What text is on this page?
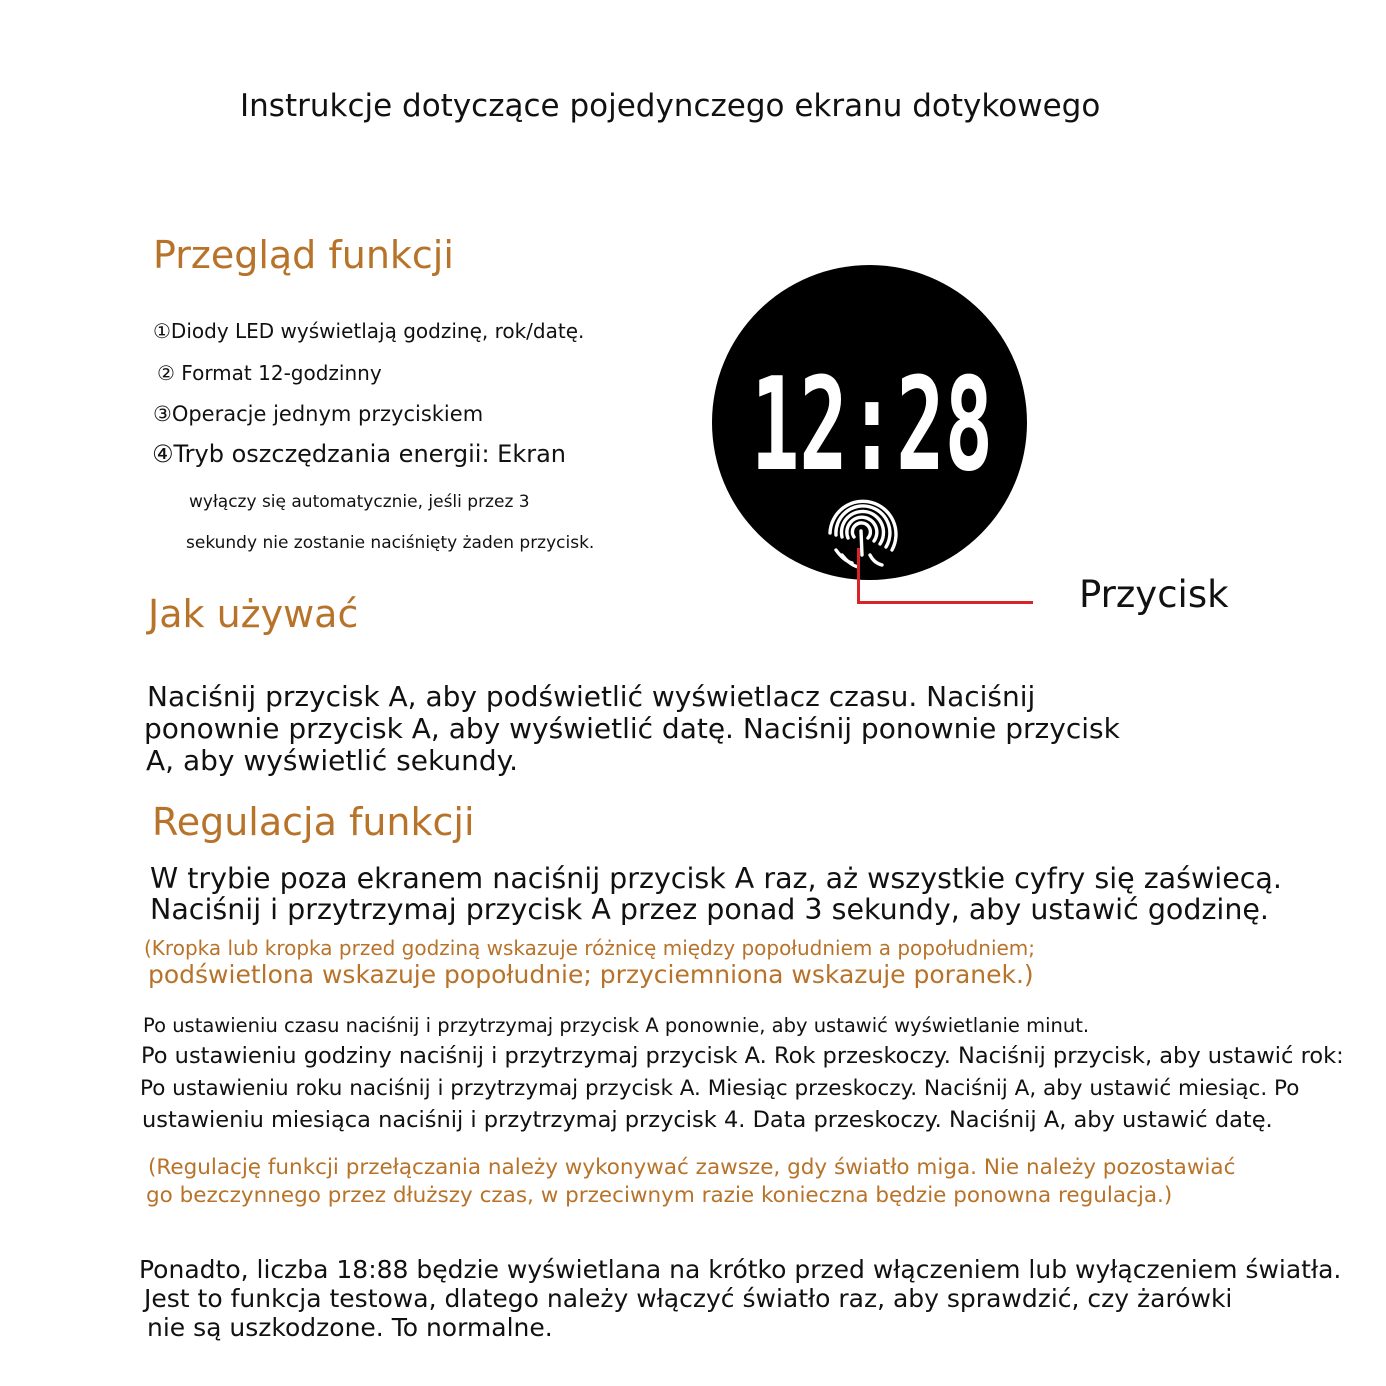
Instrukcje dotyczące pojedynczego ekranu dotykowego
Przegląd funkcji
①Diody LED wyświetlają godzinę, rok/datę.
② Format 12-godzinny
③Operacje jednym przyciskiem
④Tryb oszczędzania energii: Ekran
wyłączy się automatycznie, jeśli przez 3
sekundy nie zostanie naciśnięty żaden przycisk.
12:28
Przycisk
Jak używać
Naciśnij przycisk A, aby podświetlić wyświetlacz czasu. Naciśnij
ponownie przycisk A, aby wyświetlić datę. Naciśnij ponownie przycisk
A, aby wyświetlić sekundy.
Regulacja funkcji
W trybie poza ekranem naciśnij przycisk A raz, aż wszystkie cyfry się zaświecą.
Naciśnij i przytrzymaj przycisk A przez ponad 3 sekundy, aby ustawić godzinę.
(Kropka lub kropka przed godziną wskazuje różnicę między popołudniem a popołudniem;
podświetlona wskazuje popołudnie; przyciemniona wskazuje poranek.)
Po ustawieniu czasu naciśnij i przytrzymaj przycisk A ponownie, aby ustawić wyświetlanie minut.
Po ustawieniu godziny naciśnij i przytrzymaj przycisk A. Rok przeskoczy. Naciśnij przycisk, aby ustawić rok:
Po ustawieniu roku naciśnij i przytrzymaj przycisk A. Miesiąc przeskoczy. Naciśnij A, aby ustawić miesiąc. Po
ustawieniu miesiąca naciśnij i przytrzymaj przycisk 4. Data przeskoczy. Naciśnij A, aby ustawić datę.
(Regulację funkcji przełączania należy wykonywać zawsze, gdy światło miga. Nie należy pozostawiać
go bezczynnego przez dłuższy czas, w przeciwnym razie konieczna będzie ponowna regulacja.)
Ponadto, liczba 18:88 będzie wyświetlana na krótko przed włączeniem lub wyłączeniem światła.
Jest to funkcja testowa, dlatego należy włączyć światło raz, aby sprawdzić, czy żarówki
nie są uszkodzone. To normalne.
